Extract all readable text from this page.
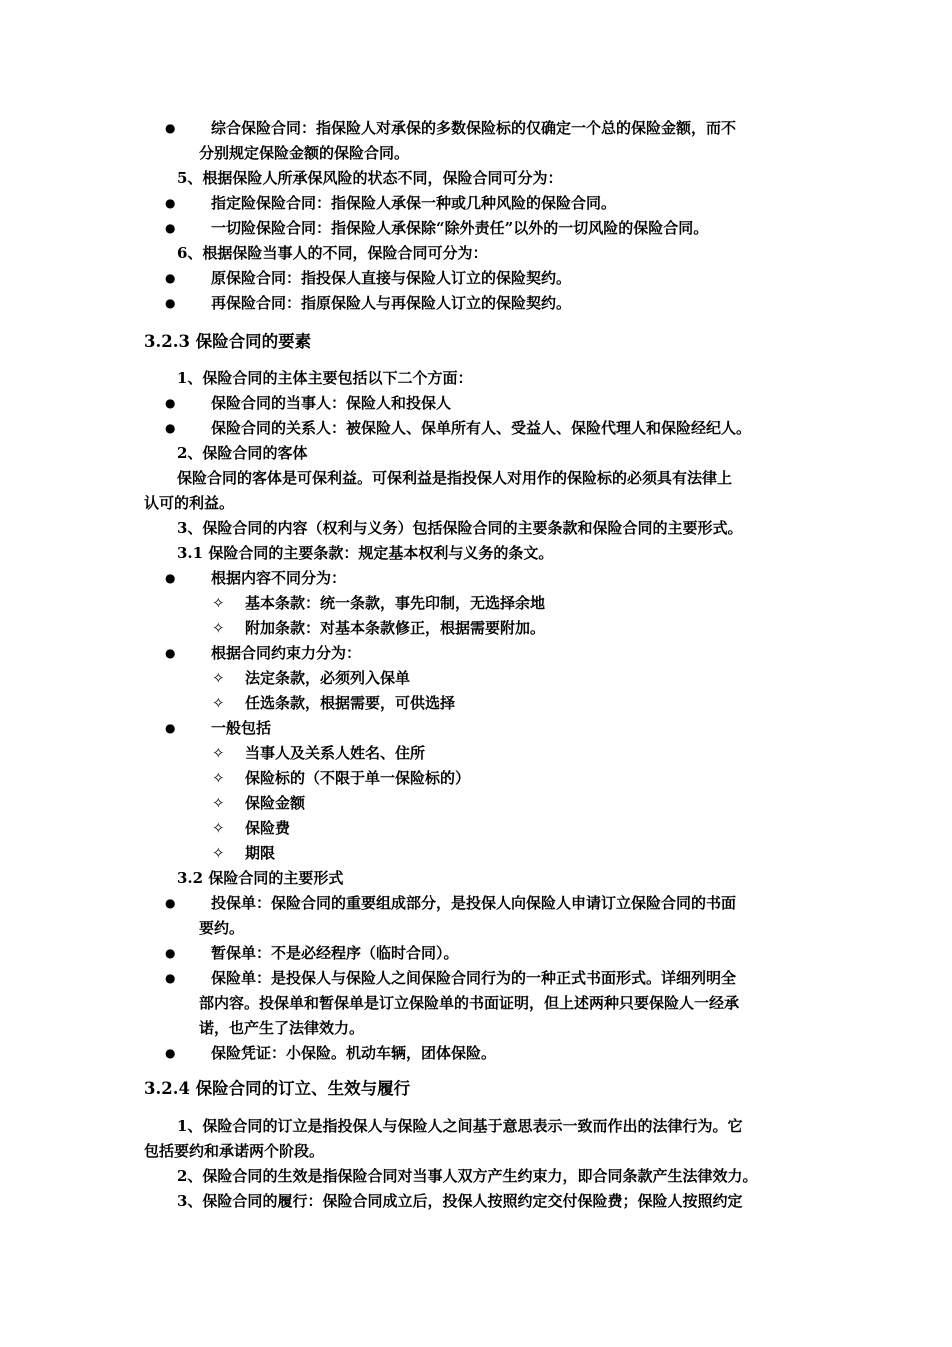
● 综合保险合同：指保险人对承保的多数保险标的仅确定一个总的保险金额，而不
分别规定保险金额的保险合同。
5、根据保险人所承保风险的状态不同，保险合同可分为：
● 指定险保险合同：指保险人承保一种或几种风险的保险合同。
● 一切险保险合同：指保险人承保除“除外责任”以外的一切风险的保险合同。
6、根据保险当事人的不同，保险合同可分为：
● 原保险合同：指投保人直接与保险人订立的保险契约。
● 再保险合同：指原保险人与再保险人订立的保险契约。
3.2.3 保险合同的要素
1、保险合同的主体主要包括以下二个方面：
● 保险合同的当事人：保险人和投保人
● 保险合同的关系人：被保险人、保单所有人、受益人、保险代理人和保险经纪人。
2、保险合同的客体
保险合同的客体是可保利益。可保利益是指投保人对用作的保险标的必须具有法律上
认可的利益。
3、保险合同的内容（权利与义务）包括保险合同的主要条款和保险合同的主要形式。
3.1 保险合同的主要条款：规定基本权利与义务的条文。
● 根据内容不同分为：
✧ 基本条款：统一条款，事先印制，无选择余地
✧ 附加条款：对基本条款修正，根据需要附加。
● 根据合同约束力分为：
✧ 法定条款，必须列入保单
✧ 任选条款，根据需要，可供选择
● 一般包括
✧ 当事人及关系人姓名、住所
✧ 保险标的（不限于单一保险标的）
✧ 保险金额
✧ 保险费
✧ 期限
3.2 保险合同的主要形式
● 投保单：保险合同的重要组成部分，是投保人向保险人申请订立保险合同的书面
要约。
● 暂保单：不是必经程序（临时合同）。
● 保险单：是投保人与保险人之间保险合同行为的一种正式书面形式。详细列明全
部内容。投保单和暂保单是订立保险单的书面证明，但上述两种只要保险人一经承
诺，也产生了法律效力。
● 保险凭证：小保险。机动车辆，团体保险。
3.2.4 保险合同的订立、生效与履行
1、保险合同的订立是指投保人与保险人之间基于意思表示一致而作出的法律行为。它
包括要约和承诺两个阶段。
2、保险合同的生效是指保险合同对当事人双方产生约束力，即合同条款产生法律效力。
3、保险合同的履行：保险合同成立后，投保人按照约定交付保险费；保险人按照约定
